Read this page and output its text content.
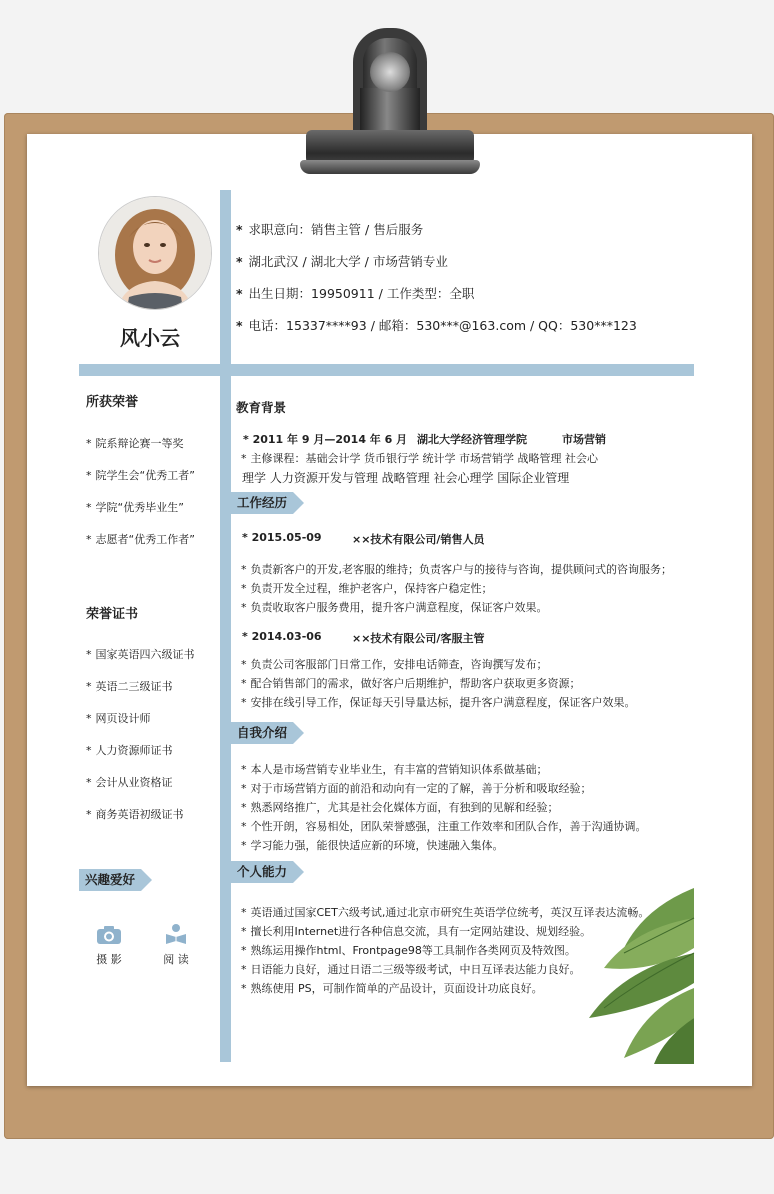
风小云
* 求职意向：销售主管 / 售后服务
* 湖北武汉 / 湖北大学 / 市场营销专业
* 出生日期：19950911 / 工作类型：全职
* 电话：15337****93 / 邮箱：530***@163.com / QQ：530***123
所获荣誉
* 院系辩论赛一等奖
* 院学生会“优秀工者”
* 学院“优秀毕业生”
* 志愿者“优秀工作者”
荣誉证书
* 国家英语四六级证书
* 英语二三级证书
* 网页设计师
* 人力资源师证书
* 会计从业资格证
* 商务英语初级证书
兴趣爱好
摄 影	阅 读
教育背景
* 2011 年 9 月—2014 年 6 月 湖北大学经济管理学院	市场营销
* 主修课程：基础会计学 货币银行学 统计学 市场营销学 战略管理 社会心
理学 人力资源开发与管理 战略管理 社会心理学 国际企业管理
工作经历
* 2015.05-09	××技术有限公司/销售人员
* 负责新客户的开发,老客服的维持；负责客户与的接待与咨询，提供顾问式的咨询服务；
* 负责开发全过程，维护老客户，保持客户稳定性；
* 负责收取客户服务费用，提升客户满意程度，保证客户效果。
* 2014.03-06	××技术有限公司/客服主管
* 负责公司客服部门日常工作，安排电话筛查，咨询撰写发布；
* 配合销售部门的需求，做好客户后期维护，帮助客户获取更多资源；
* 安排在线引导工作，保证每天引导量达标，提升客户满意程度，保证客户效果。
自我介绍
* 本人是市场营销专业毕业生，有丰富的营销知识体系做基础；
* 对于市场营销方面的前沿和动向有一定的了解，善于分析和吸取经验；
* 熟悉网络推广，尤其是社会化媒体方面，有独到的见解和经验；
* 个性开朗，容易相处，团队荣誉感强，注重工作效率和团队合作，善于沟通协调。
* 学习能力强，能很快适应新的环境，快速融入集体。
个人能力
* 英语通过国家CET六级考试,通过北京市研究生英语学位统考，英汉互译表达流畅。
* 擅长利用Internet进行各种信息交流，具有一定网站建设、规划经验。
* 熟练运用操作html、Frontpage98等工具制作各类网页及特效图。
* 日语能力良好，通过日语二三级等级考试，中日互译表达能力良好。
* 熟练使用 PS，可制作简单的产品设计，页面设计功底良好。
